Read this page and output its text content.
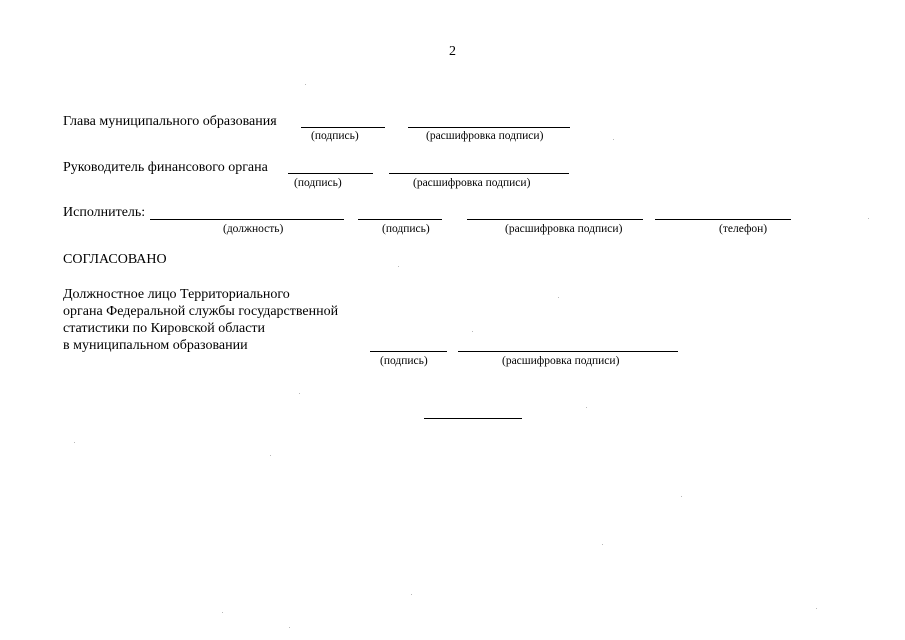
2
Глава муниципального образования
(подпись)	(расшифровка подписи)
Руководитель финансового органа
(подпись)	(расшифровка подписи)
Исполнитель:
(должность)	(подпись)	(расшифровка подписи)	(телефон)
СОГЛАСОВАНО
Должностное лицо Территориального
органа Федеральной службы государственной
статистики по Кировской области
в муниципальном образовании
(подпись)	(расшифровка подписи)
